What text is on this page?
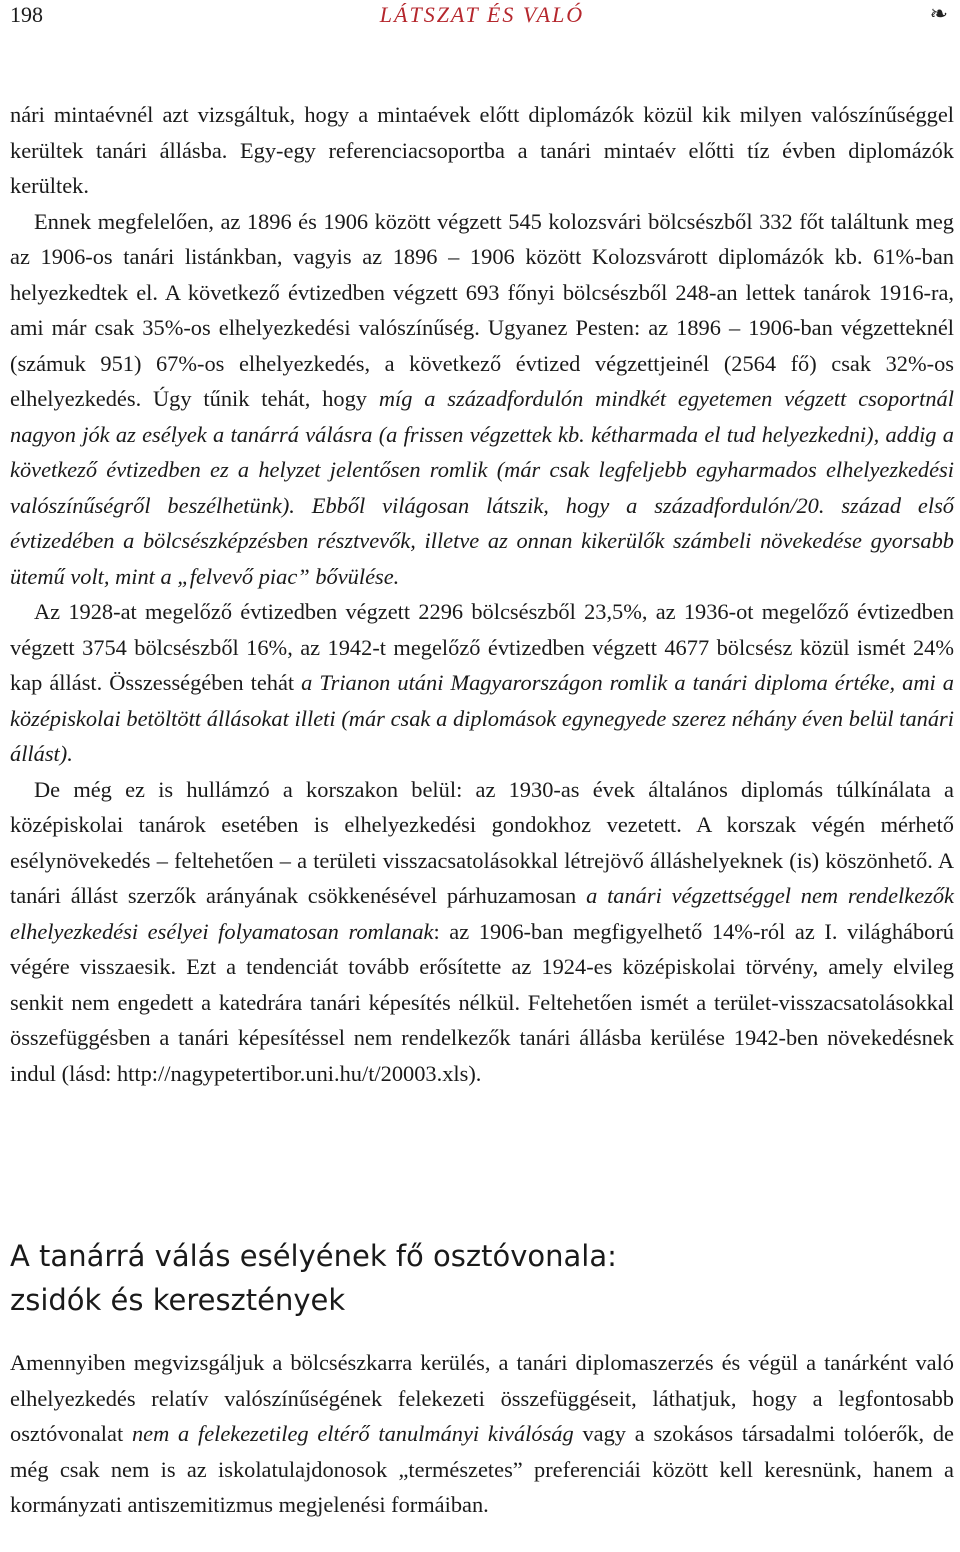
198	LÁTSZAT ÉS VALÓ	❧

nári mintaévnél azt vizsgáltuk, hogy a mintaévek előtt diplomázók közül kik milyen valószínűséggel kerültek tanári állásba. Egy-egy referenciacsoportba a tanári mintaév előtti tíz évben diplomázók kerültek.

Ennek megfelelően, az 1896 és 1906 között végzett 545 kolozsvári bölcsészből 332 főt találtunk meg az 1906-os tanári listánkban, vagyis az 1896 – 1906 között Kolozsvárott diplomázók kb. 61%-ban helyezkedtek el. A következő évtizedben végzett 693 főnyi bölcsészből 248-an lettek tanárok 1916-ra, ami már csak 35%-os elhelyezkedési valószínűség. Ugyanez Pesten: az 1896 – 1906-ban végzetteknél (számuk 951) 67%-os elhelyezkedés, a következő évtized végzettjeinél (2564 fő) csak 32%-os elhelyezkedés. Úgy tűnik tehát, hogy míg a századfordulón mindkét egyetemen végzett csoportnál nagyon jók az esélyek a tanárrá válásra (a frissen végzettek kb. kétharmada el tud helyezkedni), addig a következő évtizedben ez a helyzet jelentősen romlik (már csak legfeljebb egyharmados elhelyezkedési valószínűségről beszélhetünk). Ebből világosan látszik, hogy a századfordulón/20. század első évtizedében a bölcsészképzésben résztvevők, illetve az onnan kikerülők számbeli növekedése gyorsabb ütemű volt, mint a „felvevő piac” bővülése.

Az 1928-at megelőző évtizedben végzett 2296 bölcsészből 23,5%, az 1936-ot megelőző évtizedben végzett 3754 bölcsészből 16%, az 1942-t megelőző évtizedben végzett 4677 bölcsész közül ismét 24% kap állást. Összességében tehát a Trianon utáni Magyarországon romlik a tanári diploma értéke, ami a középiskolai betöltött állásokat illeti (már csak a diplomások egynegyede szerez néhány éven belül tanári állást).

De még ez is hullámzó a korszakon belül: az 1930-as évek általános diplomás túlkínálata a középiskolai tanárok esetében is elhelyezkedési gondokhoz vezetett. A korszak végén mérhető esélynövekedés – feltehetően – a területi visszacsatolásokkal létrejövő álláshelyeknek (is) köszönhető. A tanári állást szerzők arányának csökkenésével párhuzamosan a tanári végzettséggel nem rendelkezők elhelyezkedési esélyei folyamatosan romlanak: az 1906-ban megfigyelhető 14%-ról az I. világháború végére visszaesik. Ezt a tendenciát tovább erősítette az 1924-es középiskolai törvény, amely elvileg senkit nem engedett a katedrára tanári képesítés nélkül. Feltehetően ismét a terület-visszacsatolásokkal összefüggésben a tanári képesítéssel nem rendelkezők tanári állásba kerülése 1942-ben növekedésnek indul (lásd: http://nagypetertibor.uni.hu/t/20003.xls).

A tanárrá válás esélyének fő osztóvonala:
zsidók és keresztények

Amennyiben megvizsgáljuk a bölcsészkarra kerülés, a tanári diplomaszerzés és végül a tanárként való elhelyezkedés relatív valószínűségének felekezeti összefüggéseit, láthatjuk, hogy a legfontosabb osztóvonalat nem a felekezetileg eltérő tanulmányi kiválóság vagy a szokásos társadalmi tolóerők, de még csak nem is az iskolatulajdonosok „természetes” preferenciái között kell keresnünk, hanem a kormányzati antiszemitizmus megjelenési formáiban.
